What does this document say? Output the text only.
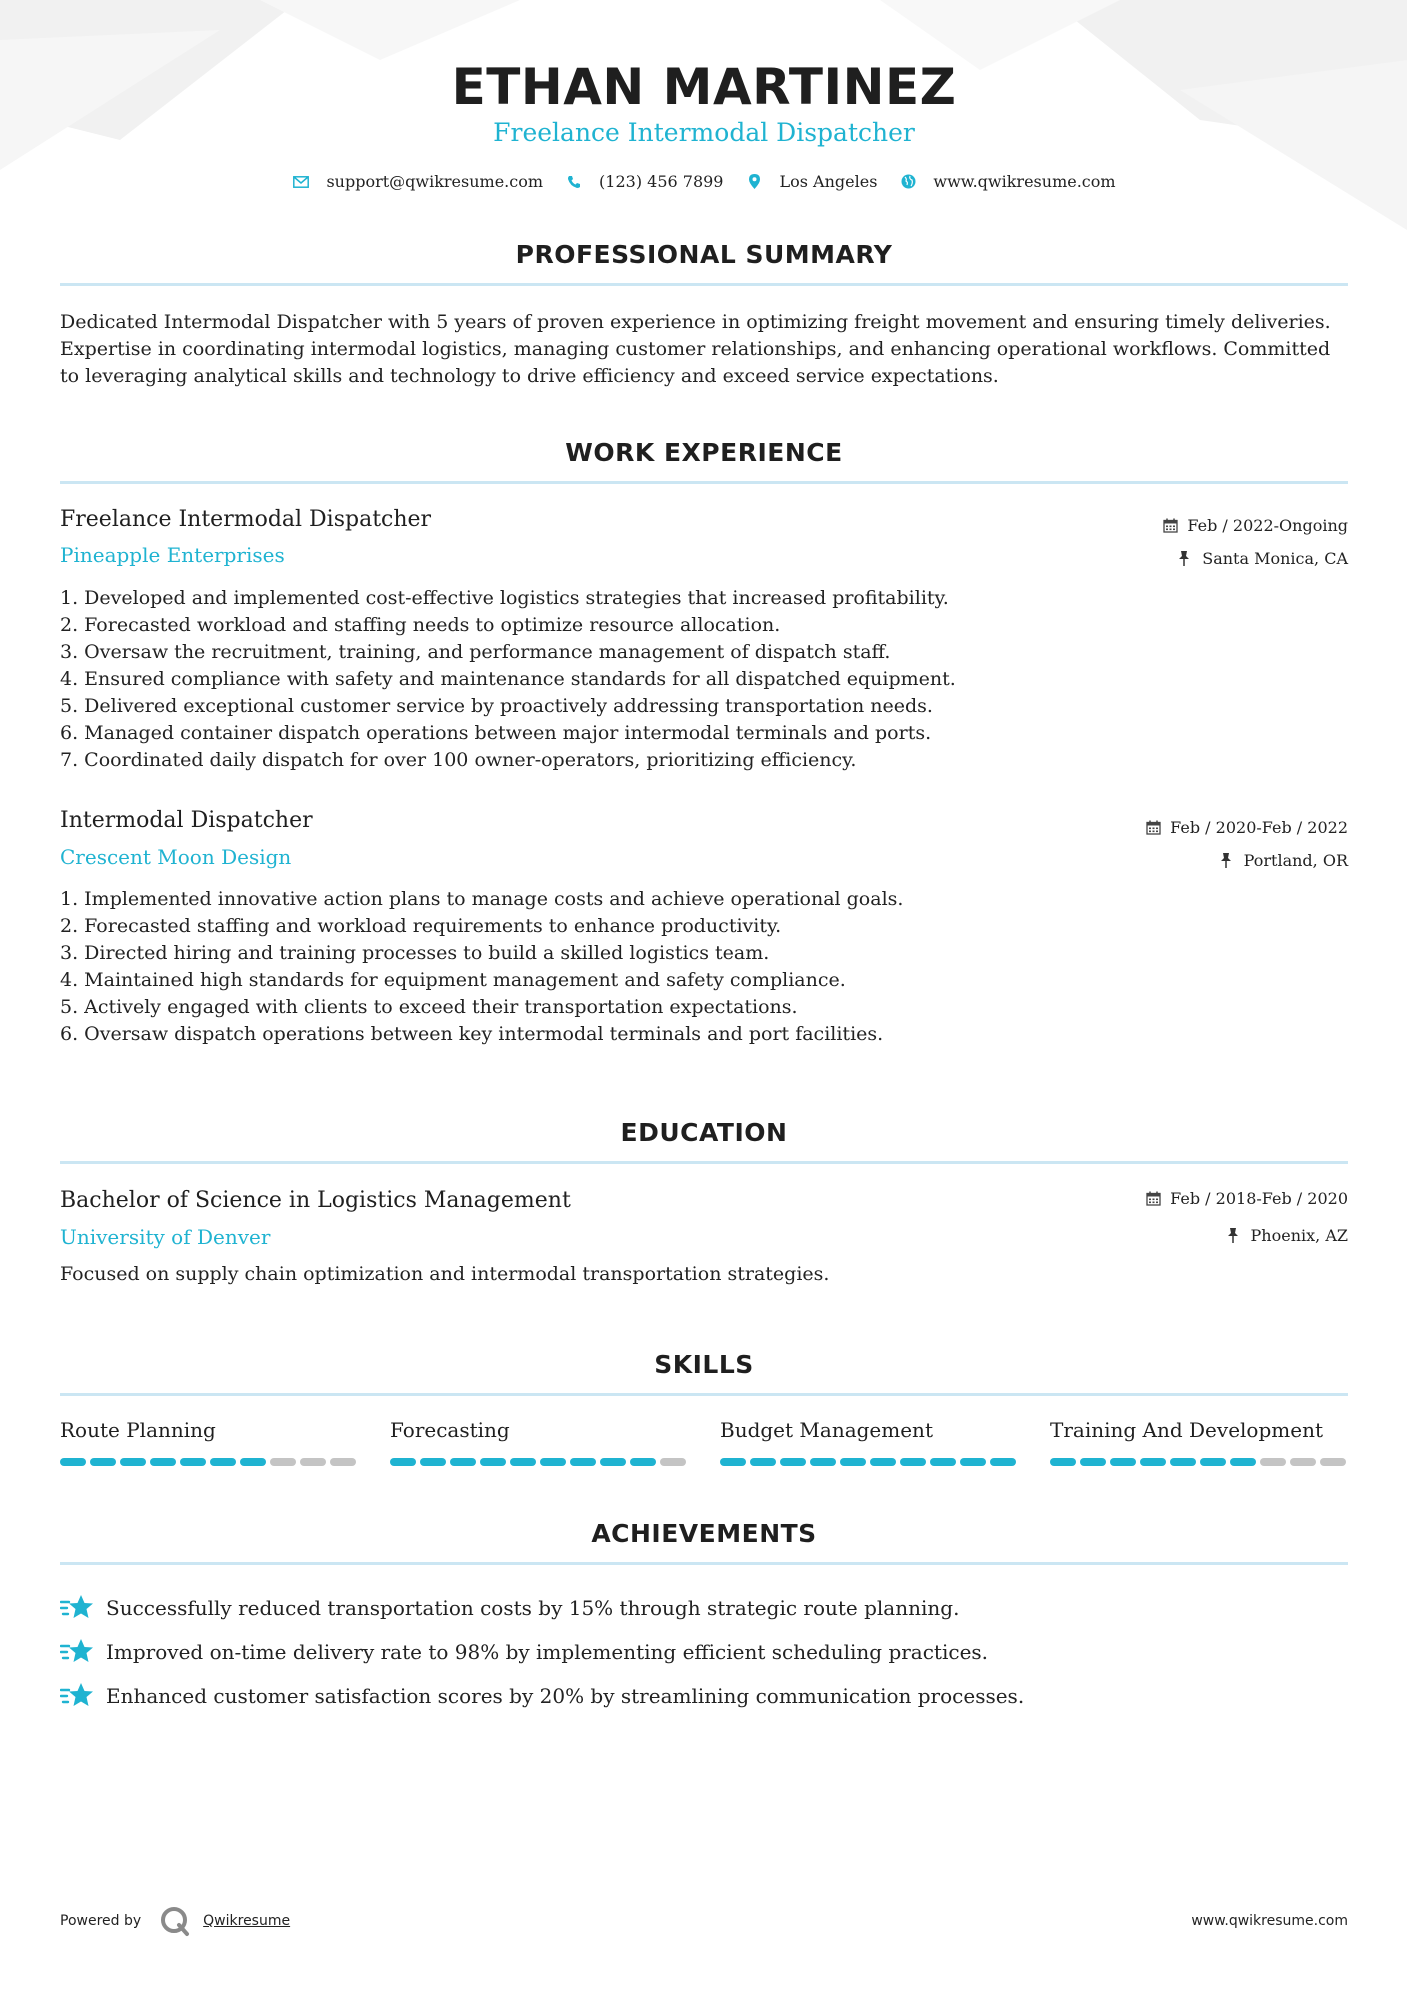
ETHAN MARTINEZ
Freelance Intermodal Dispatcher
support@qwikresume.com	(123) 456 7899	Los Angeles	www.qwikresume.com
PROFESSIONAL SUMMARY
Dedicated Intermodal Dispatcher with 5 years of proven experience in optimizing freight movement and ensuring timely deliveries.
Expertise in coordinating intermodal logistics, managing customer relationships, and enhancing operational workflows. Committed
to leveraging analytical skills and technology to drive efficiency and exceed service expectations.
WORK EXPERIENCE
Freelance Intermodal Dispatcher
Pineapple Enterprises
Feb / 2022-Ongoing
Santa Monica, CA
1. Developed and implemented cost-effective logistics strategies that increased profitability.
2. Forecasted workload and staffing needs to optimize resource allocation.
3. Oversaw the recruitment, training, and performance management of dispatch staff.
4. Ensured compliance with safety and maintenance standards for all dispatched equipment.
5. Delivered exceptional customer service by proactively addressing transportation needs.
6. Managed container dispatch operations between major intermodal terminals and ports.
7. Coordinated daily dispatch for over 100 owner-operators, prioritizing efficiency.
Intermodal Dispatcher
Crescent Moon Design
Feb / 2020-Feb / 2022
Portland, OR
1. Implemented innovative action plans to manage costs and achieve operational goals.
2. Forecasted staffing and workload requirements to enhance productivity.
3. Directed hiring and training processes to build a skilled logistics team.
4. Maintained high standards for equipment management and safety compliance.
5. Actively engaged with clients to exceed their transportation expectations.
6. Oversaw dispatch operations between key intermodal terminals and port facilities.
EDUCATION
Bachelor of Science in Logistics Management
University of Denver
Feb / 2018-Feb / 2020
Phoenix, AZ
Focused on supply chain optimization and intermodal transportation strategies.
SKILLS
Route Planning	Forecasting	Budget Management	Training And Development
ACHIEVEMENTS
Successfully reduced transportation costs by 15% through strategic route planning.
Improved on-time delivery rate to 98% by implementing efficient scheduling practices.
Enhanced customer satisfaction scores by 20% by streamlining communication processes.
Powered by	Qwikresume	www.qwikresume.com
